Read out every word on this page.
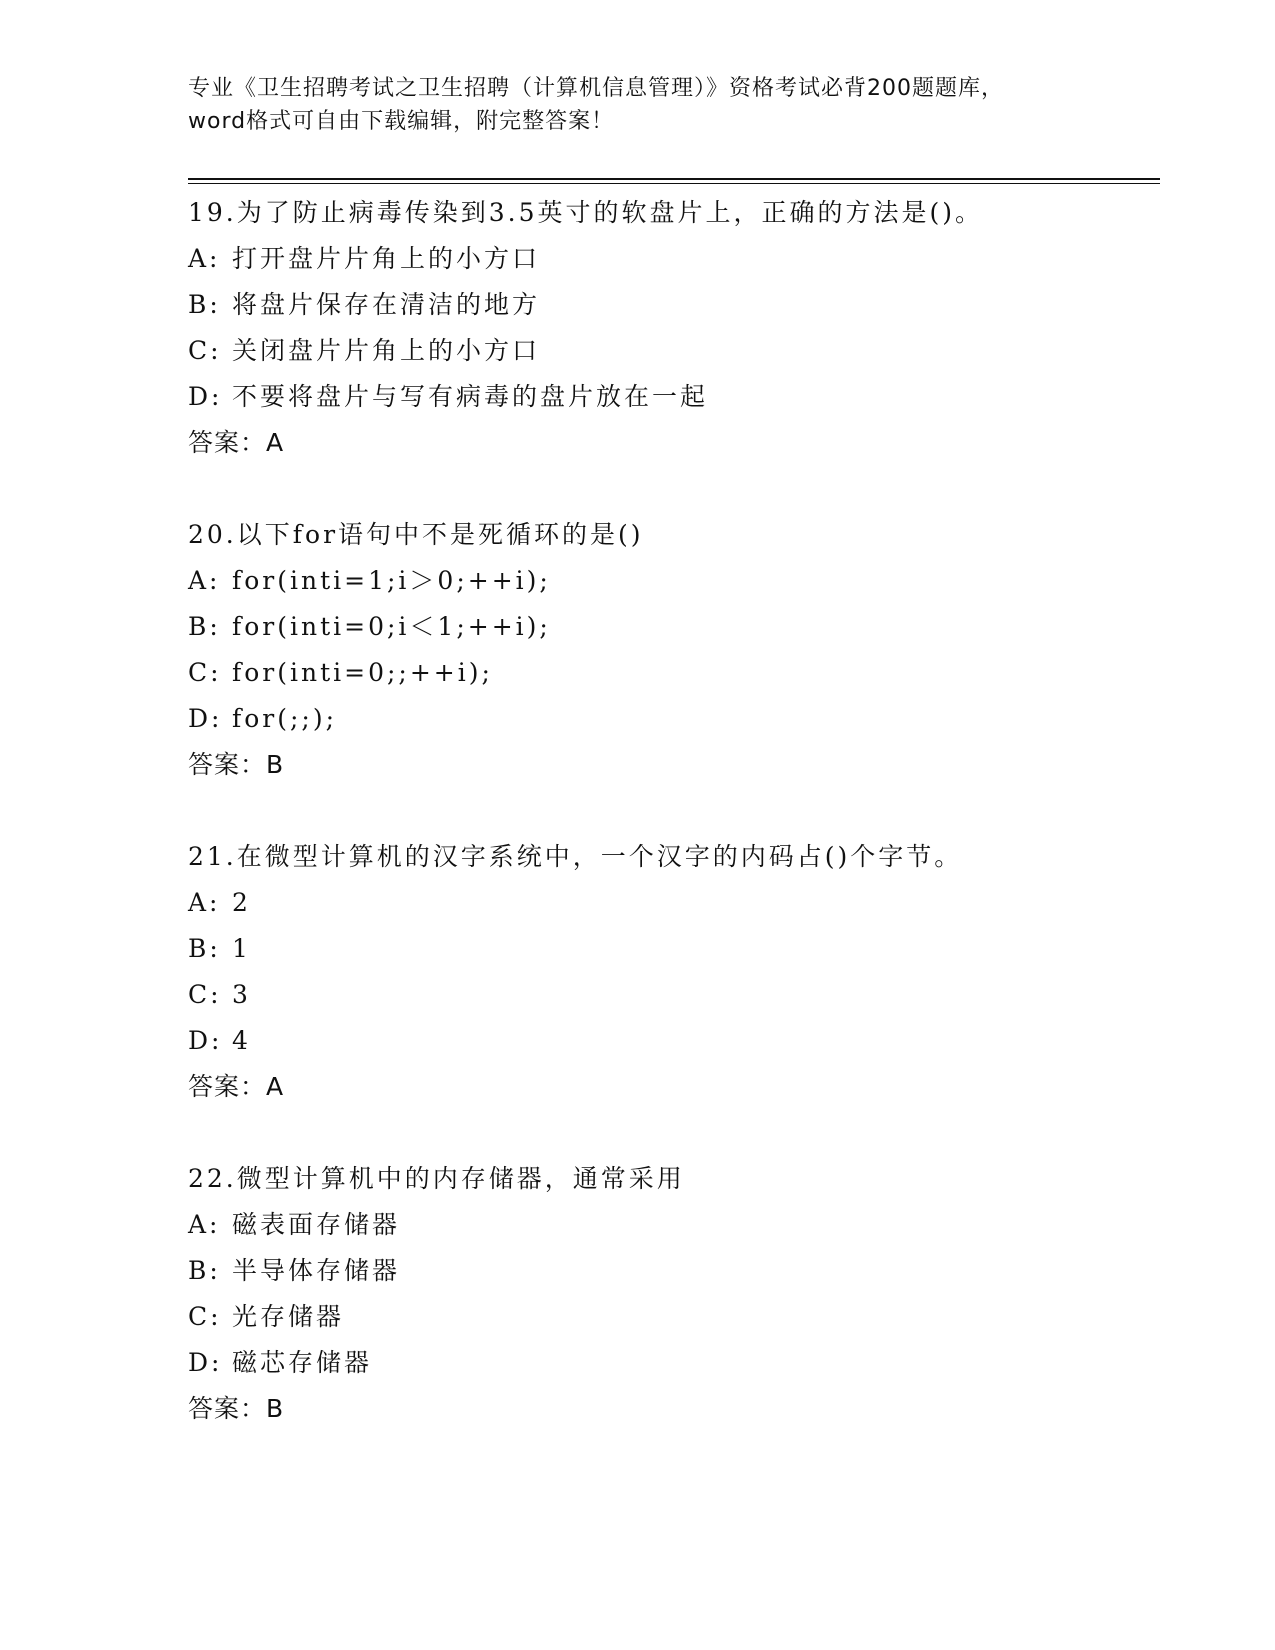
专业《卫生招聘考试之卫生招聘（计算机信息管理）》资格考试必背200题题库，
word格式可自由下载编辑，附完整答案！
19.为了防止病毒传染到3.5英寸的软盘片上，正确的方法是()。
A: 打开盘片片角上的小方口
B: 将盘片保存在清洁的地方
C: 关闭盘片片角上的小方口
D: 不要将盘片与写有病毒的盘片放在一起
答案：A
20.以下for语句中不是死循环的是()
A: for(inti=1;i＞0;++i);
B: for(inti=0;i＜1;++i);
C: for(inti=0;;++i);
D: for(;;);
答案：B
21.在微型计算机的汉字系统中，一个汉字的内码占()个字节。
A: 2
B: 1
C: 3
D: 4
答案：A
22.微型计算机中的内存储器，通常采用
A: 磁表面存储器
B: 半导体存储器
C: 光存储器
D: 磁芯存储器
答案：B
